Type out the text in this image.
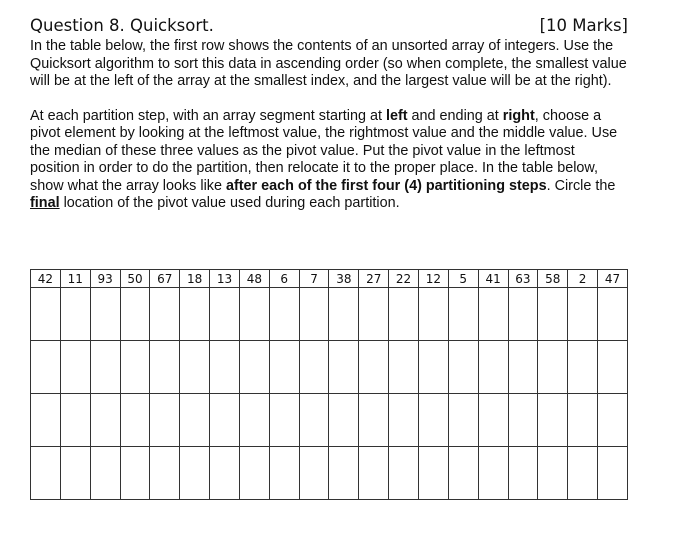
Question 8. Quicksort.	[10 Marks]

In the table below, the first row shows the contents of an unsorted array of integers. Use the Quicksort algorithm to sort this data in ascending order (so when complete, the smallest value will be at the left of the array at the smallest index, and the largest value will be at the right).

At each partition step, with an array segment starting at left and ending at right, choose a pivot element by looking at the leftmost value, the rightmost value and the middle value. Use the median of these three values as the pivot value. Put the pivot value in the leftmost position in order to do the partition, then relocate it to the proper place. In the table below, show what the array looks like after each of the first four (4) partitioning steps. Circle the final location of the pivot value used during each partition.

42	11	93	50	67	18	13	48	6	7	38	27	22	12	5	41	63	58	2	47
